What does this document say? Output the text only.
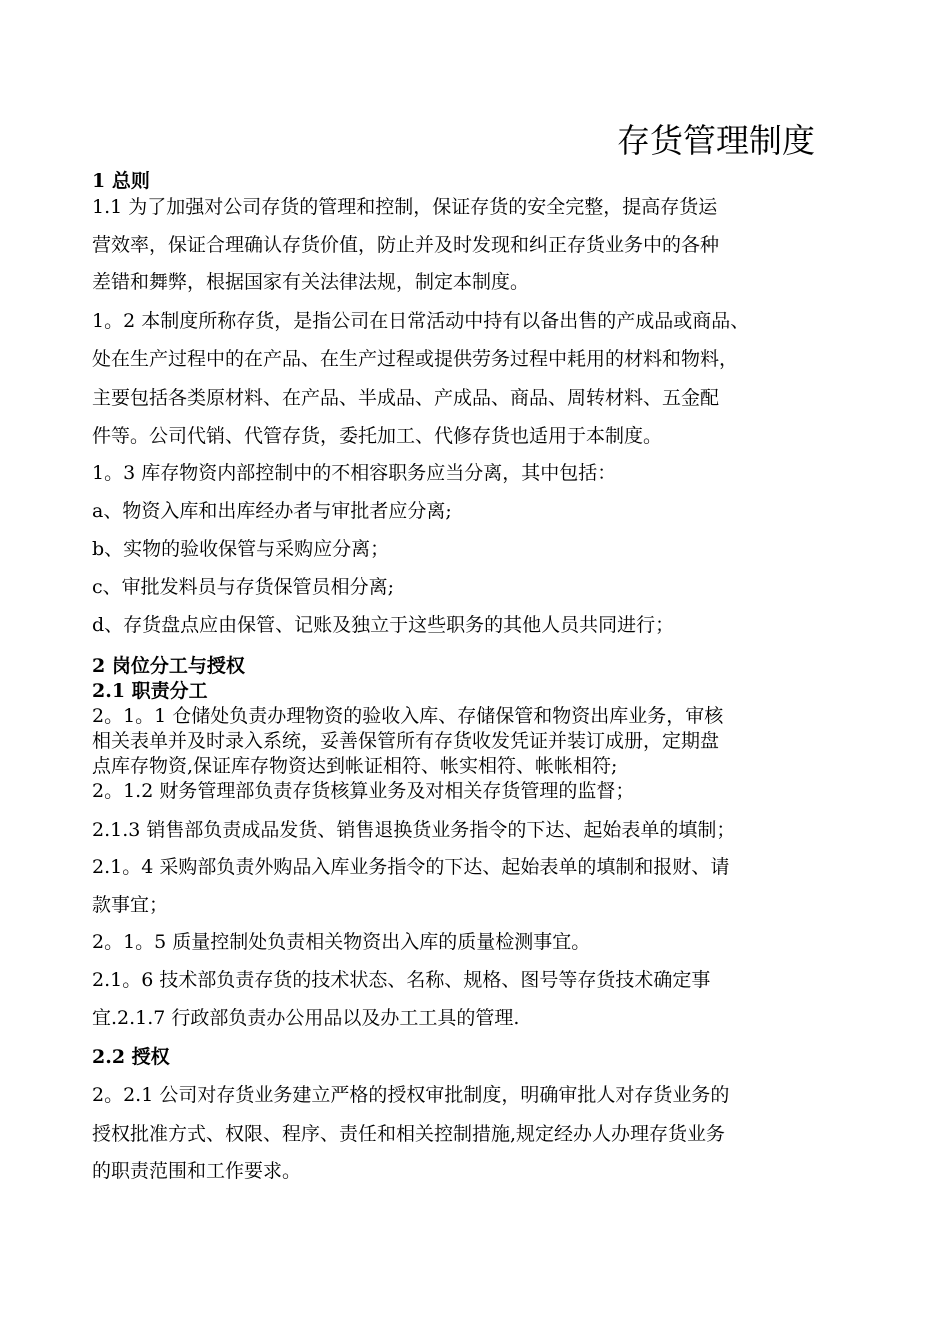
存货管理制度
1 总则
1.1 为了加强对公司存货的管理和控制，保证存货的安全完整，提高存货运
营效率，保证合理确认存货价值，防止并及时发现和纠正存货业务中的各种
差错和舞弊，根据国家有关法律法规，制定本制度。
1。2 本制度所称存货，是指公司在日常活动中持有以备出售的产成品或商品、
处在生产过程中的在产品、在生产过程或提供劳务过程中耗用的材料和物料，
主要包括各类原材料、在产品、半成品、产成品、商品、周转材料、五金配
件等。公司代销、代管存货，委托加工、代修存货也适用于本制度。
1。3 库存物资内部控制中的不相容职务应当分离，其中包括：
a、物资入库和出库经办者与审批者应分离;
b、实物的验收保管与采购应分离；
c、审批发料员与存货保管员相分离;
d、存货盘点应由保管、记账及独立于这些职务的其他人员共同进行；
2 岗位分工与授权
2.1 职责分工
2。1。1 仓储处负责办理物资的验收入库、存储保管和物资出库业务，审核
相关表单并及时录入系统，妥善保管所有存货收发凭证并装订成册，定期盘
点库存物资,保证库存物资达到帐证相符、帐实相符、帐帐相符;
2。1.2 财务管理部负责存货核算业务及对相关存货管理的监督；
2.1.3 销售部负责成品发货、销售退换货业务指令的下达、起始表单的填制；
2.1。4 采购部负责外购品入库业务指令的下达、起始表单的填制和报财、请
款事宜；
2。1。5 质量控制处负责相关物资出入库的质量检测事宜。
2.1。6 技术部负责存货的技术状态、名称、规格、图号等存货技术确定事
宜.2.1.7 行政部负责办公用品以及办工工具的管理.
2.2 授权
2。2.1 公司对存货业务建立严格的授权审批制度，明确审批人对存货业务的
授权批准方式、权限、程序、责任和相关控制措施,规定经办人办理存货业务
的职责范围和工作要求。
